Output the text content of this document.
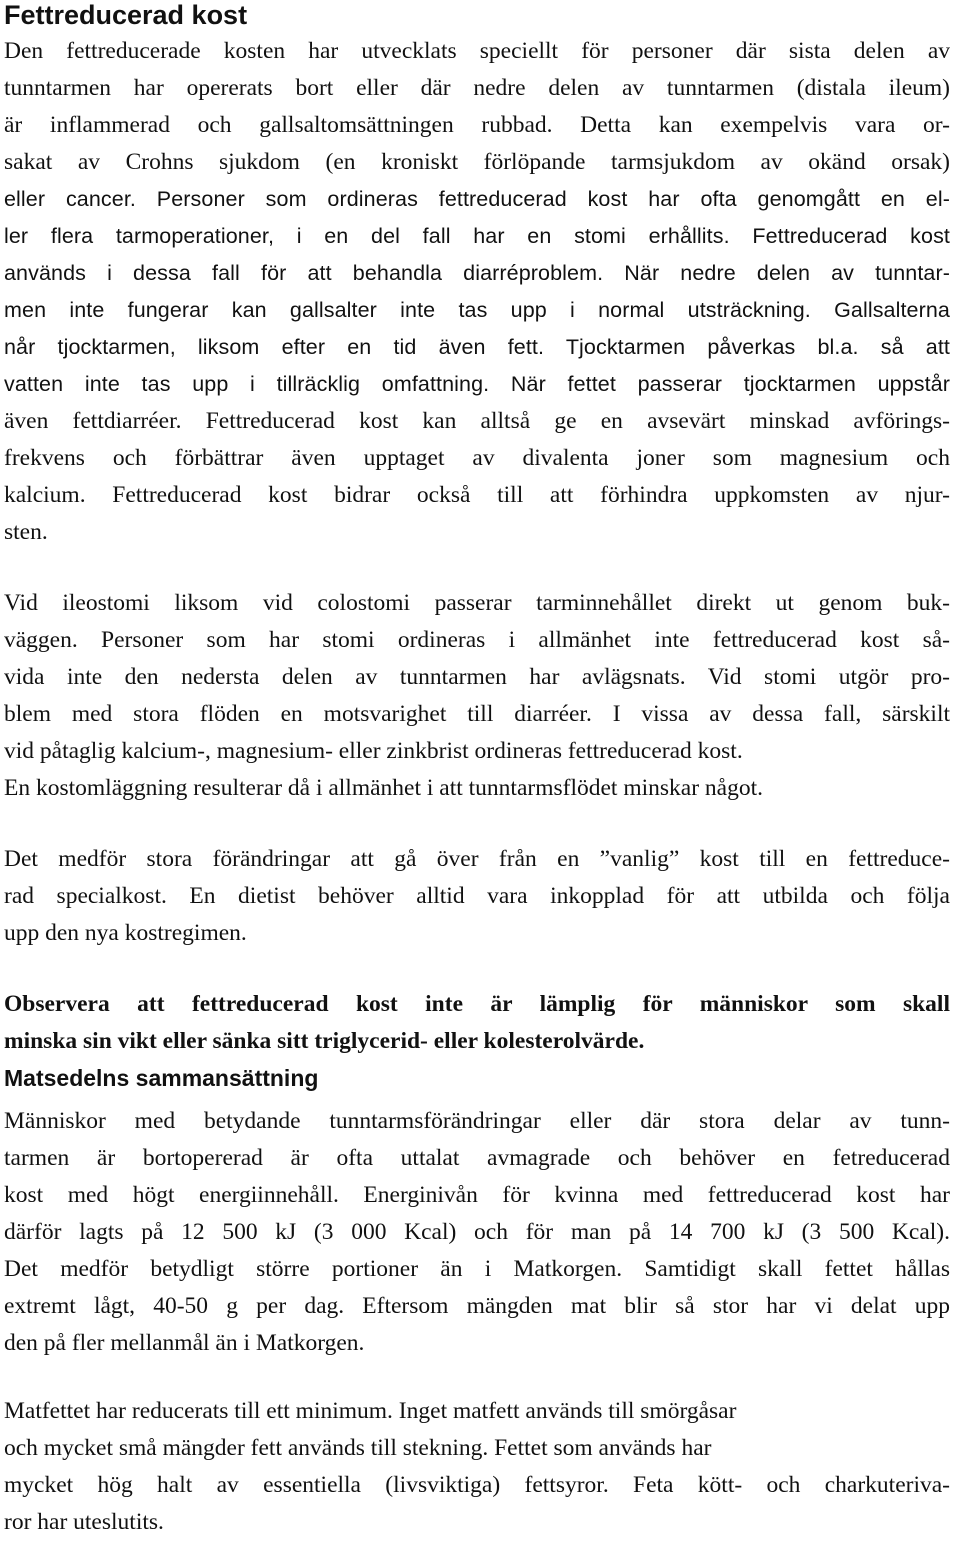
Fettreducerad kost
Den fettreducerade kosten har utvecklats speciellt för personer där sista delen av
tunntarmen har opererats bort eller där nedre delen av tunntarmen (distala ileum)
är inflammerad och gallsaltomsättningen rubbad. Detta kan exempelvis vara or-
sakat av Crohns sjukdom (en kroniskt förlöpande tarmsjukdom av okänd orsak)
eller cancer. Personer som ordineras fettreducerad kost har ofta genomgått en el-
ler flera tarmoperationer, i en del fall har en stomi erhållits. Fettreducerad kost
används i dessa fall för att behandla diarréproblem. När nedre delen av tunntar-
men inte fungerar kan gallsalter inte tas upp i normal utsträckning. Gallsalterna
når tjocktarmen, liksom efter en tid även fett. Tjocktarmen påverkas bl.a. så att
vatten inte tas upp i tillräcklig omfattning. När fettet passerar tjocktarmen uppstår
även fettdiarréer. Fettreducerad kost kan alltså ge en avsevärt minskad avförings-
frekvens och förbättrar även upptaget av divalenta joner som magnesium och
kalcium. Fettreducerad kost bidrar också till att förhindra uppkomsten av njur-
sten.
Vid ileostomi liksom vid colostomi passerar tarminnehållet direkt ut genom buk-
väggen. Personer som har stomi ordineras i allmänhet inte fettreducerad kost så-
vida inte den nedersta delen av tunntarmen har avlägsnats. Vid stomi utgör pro-
blem med stora flöden en motsvarighet till diarréer. I vissa av dessa fall, särskilt
vid påtaglig kalcium-, magnesium- eller zinkbrist ordineras fettreducerad kost.
En kostomläggning resulterar då i allmänhet i att tunntarmsflödet minskar något.
Det medför stora förändringar att gå över från en ”vanlig” kost till en fettreduce-
rad specialkost. En dietist behöver alltid vara inkopplad för att utbilda och följa
upp den nya kostregimen.
Observera att fettreducerad kost inte är lämplig för människor som skall
minska sin vikt eller sänka sitt triglycerid- eller kolesterolvärde.
Matsedelns sammansättning
Människor med betydande tunntarmsförändringar eller där stora delar av tunn-
tarmen är bortopererad är ofta uttalat avmagrade och behöver en fetreducerad
kost med högt energiinnehåll. Energinivån för kvinna med fettreducerad kost har
därför lagts på 12 500 kJ (3 000 Kcal) och för man på 14 700 kJ (3 500 Kcal).
Det medför betydligt större portioner än i Matkorgen. Samtidigt skall fettet hållas
extremt lågt, 40-50 g per dag. Eftersom mängden mat blir så stor har vi delat upp
den på fler mellanmål än i Matkorgen.
Matfettet har reducerats till ett minimum. Inget matfett används till smörgåsar
och mycket små mängder fett används till stekning. Fettet som används har
mycket hög halt av essentiella (livsviktiga) fettsyror. Feta kött- och charkuteriva-
ror har uteslutits.
